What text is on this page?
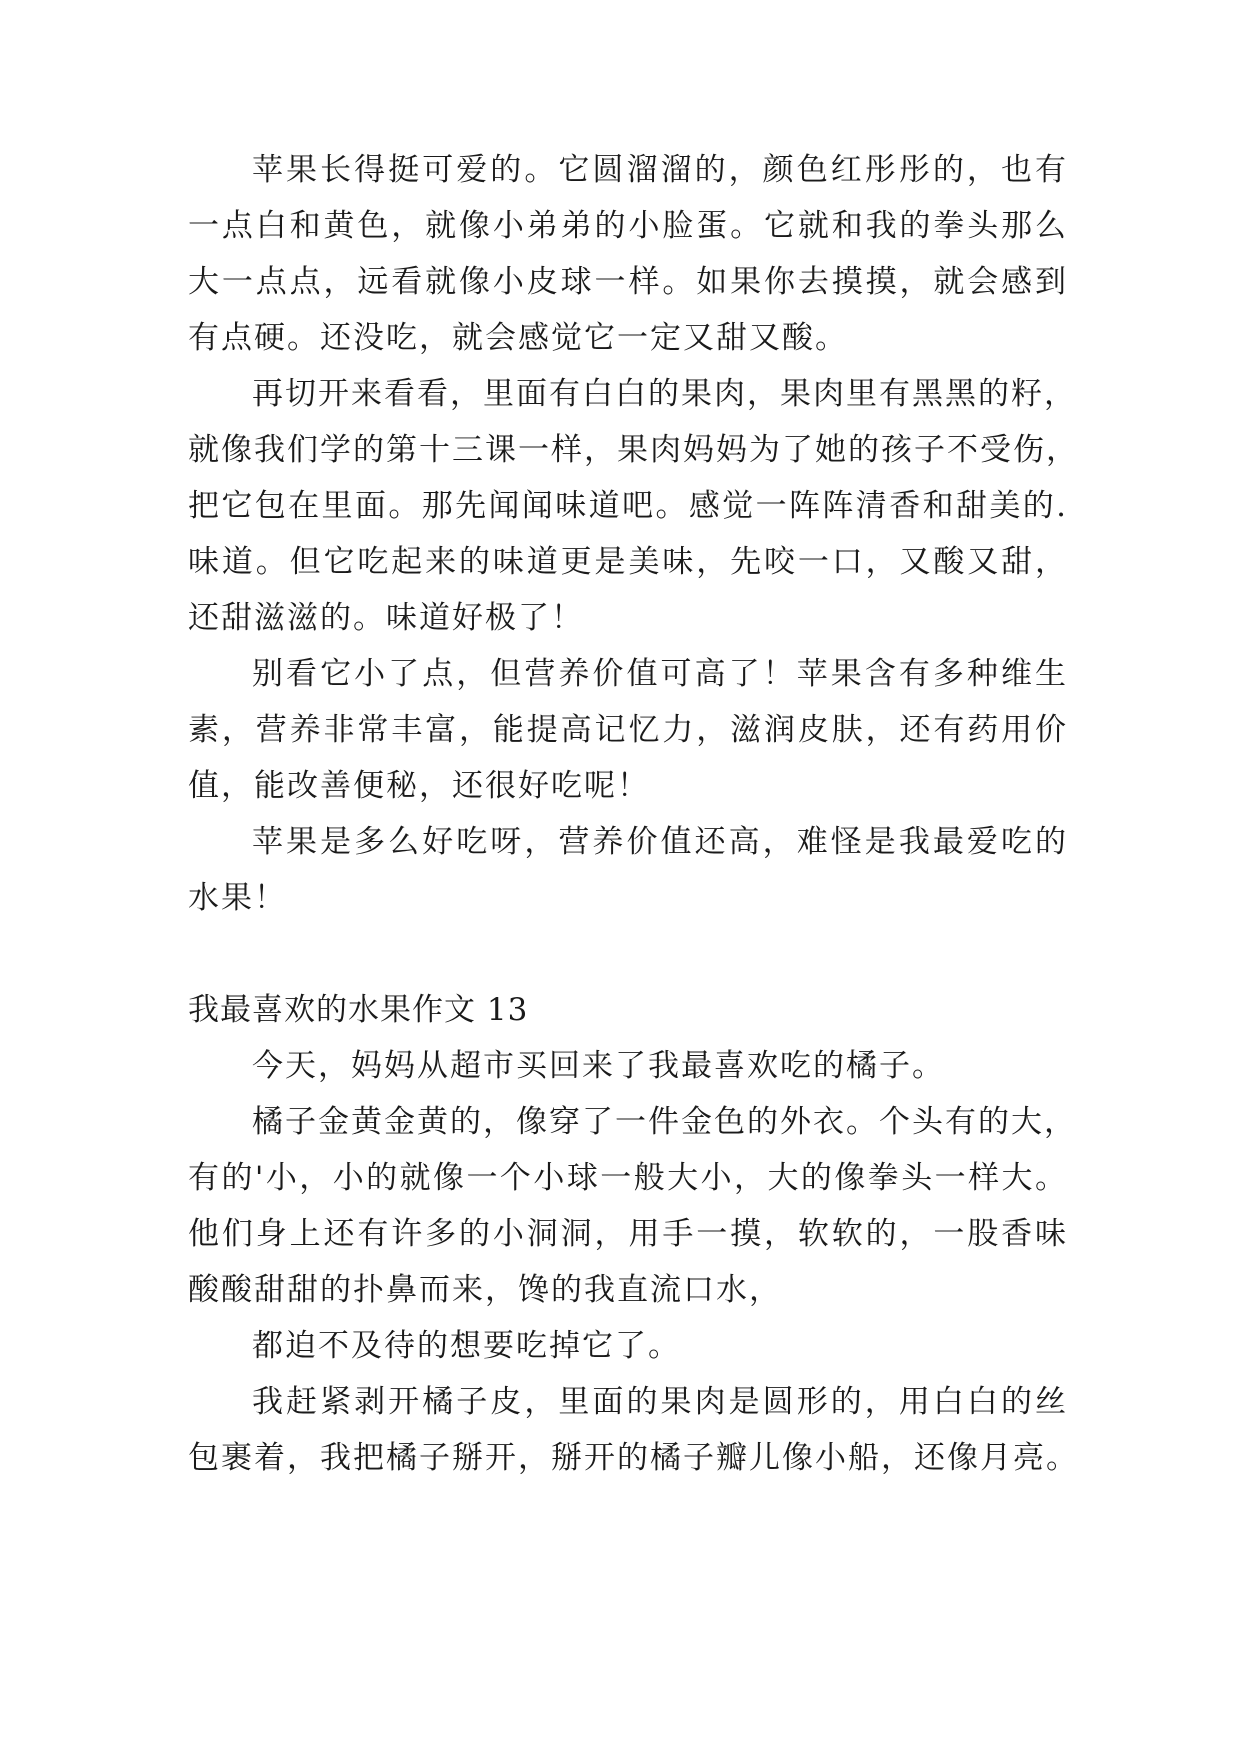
苹果长得挺可爱的。它圆溜溜的，颜色红彤彤的，也有
一点白和黄色，就像小弟弟的小脸蛋。它就和我的拳头那么
大一点点，远看就像小皮球一样。如果你去摸摸，就会感到
有点硬。还没吃，就会感觉它一定又甜又酸。
再切开来看看，里面有白白的果肉，果肉里有黑黑的籽，
就像我们学的第十三课一样，果肉妈妈为了她的孩子不受伤，
把它包在里面。那先闻闻味道吧。感觉一阵阵清香和甜美的.
味道。但它吃起来的味道更是美味，先咬一口，又酸又甜，
还甜滋滋的。味道好极了！
别看它小了点，但营养价值可高了！苹果含有多种维生
素，营养非常丰富，能提高记忆力，滋润皮肤，还有药用价
值，能改善便秘，还很好吃呢！
苹果是多么好吃呀，营养价值还高，难怪是我最爱吃的
水果！
我最喜欢的水果作文 13
今天，妈妈从超市买回来了我最喜欢吃的橘子。
橘子金黄金黄的，像穿了一件金色的外衣。个头有的大，
有的'小，小的就像一个小球一般大小，大的像拳头一样大。
他们身上还有许多的小洞洞，用手一摸，软软的，一股香味
酸酸甜甜的扑鼻而来，馋的我直流口水，
都迫不及待的想要吃掉它了。
我赶紧剥开橘子皮，里面的果肉是圆形的，用白白的丝
包裹着，我把橘子掰开，掰开的橘子瓣儿像小船，还像月亮。
